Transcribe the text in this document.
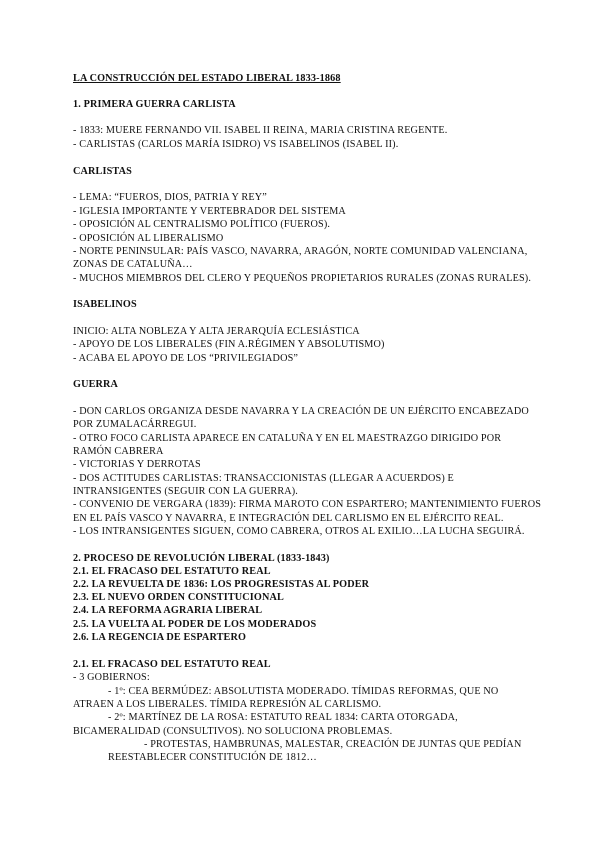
LA CONSTRUCCIÓN DEL ESTADO LIBERAL 1833-1868
1. PRIMERA GUERRA CARLISTA
- 1833: MUERE FERNANDO VII. ISABEL II REINA, MARIA CRISTINA REGENTE.
- CARLISTAS (CARLOS MARÍA ISIDRO) VS ISABELINOS (ISABEL II).
CARLISTAS
- LEMA: “FUEROS, DIOS, PATRIA Y REY”
- IGLESIA IMPORTANTE Y VERTEBRADOR DEL SISTEMA
- OPOSICIÓN AL CENTRALISMO POLÍTICO (FUEROS).
- OPOSICIÓN AL LIBERALISMO
- NORTE PENINSULAR: PAÍS VASCO, NAVARRA, ARAGÓN, NORTE COMUNIDAD VALENCIANA,
ZONAS DE CATALUÑA…
- MUCHOS MIEMBROS DEL CLERO Y PEQUEÑOS PROPIETARIOS RURALES (ZONAS RURALES).
ISABELINOS
INICIO: ALTA NOBLEZA Y ALTA JERARQUÍA ECLESIÁSTICA
- APOYO DE LOS LIBERALES (FIN A.RÉGIMEN Y ABSOLUTISMO)
- ACABA EL APOYO DE LOS “PRIVILEGIADOS”
GUERRA
- DON CARLOS ORGANIZA DESDE NAVARRA Y LA CREACIÓN DE UN EJÉRCITO ENCABEZADO
POR ZUMALACÁRREGUI.
- OTRO FOCO CARLISTA APARECE EN CATALUÑA Y EN EL MAESTRAZGO DIRIGIDO POR
RAMÓN CABRERA
- VICTORIAS Y DERROTAS
- DOS ACTITUDES CARLISTAS: TRANSACCIONISTAS (LLEGAR A ACUERDOS) E
INTRANSIGENTES (SEGUIR CON LA GUERRA).
- CONVENIO DE VERGARA (1839): FIRMA MAROTO CON ESPARTERO; MANTENIMIENTO FUEROS
EN EL PAÍS VASCO Y NAVARRA, E INTEGRACIÓN DEL CARLISMO EN EL EJÉRCITO REAL.
- LOS INTRANSIGENTES SIGUEN, COMO CABRERA, OTROS AL EXILIO…LA LUCHA SEGUIRÁ.
2. PROCESO DE REVOLUCIÓN LIBERAL (1833-1843)
2.1. EL FRACASO DEL ESTATUTO REAL
2.2. LA REVUELTA DE 1836: LOS PROGRESISTAS AL PODER
2.3. EL NUEVO ORDEN CONSTITUCIONAL
2.4. LA REFORMA AGRARIA LIBERAL
2.5. LA VUELTA AL PODER DE LOS MODERADOS
2.6. LA REGENCIA DE ESPARTERO
2.1. EL FRACASO DEL ESTATUTO REAL
- 3 GOBIERNOS:
- 1º: CEA BERMÚDEZ: ABSOLUTISTA MODERADO. TÍMIDAS REFORMAS, QUE NO
ATRAEN A LOS LIBERALES. TÍMIDA REPRESIÓN AL CARLISMO.
- 2º: MARTÍNEZ DE LA ROSA: ESTATUTO REAL 1834: CARTA OTORGADA,
BICAMERALIDAD (CONSULTIVOS). NO SOLUCIONA PROBLEMAS.
- PROTESTAS, HAMBRUNAS, MALESTAR, CREACIÓN DE JUNTAS QUE PEDÍAN
REESTABLECER CONSTITUCIÓN DE 1812…
